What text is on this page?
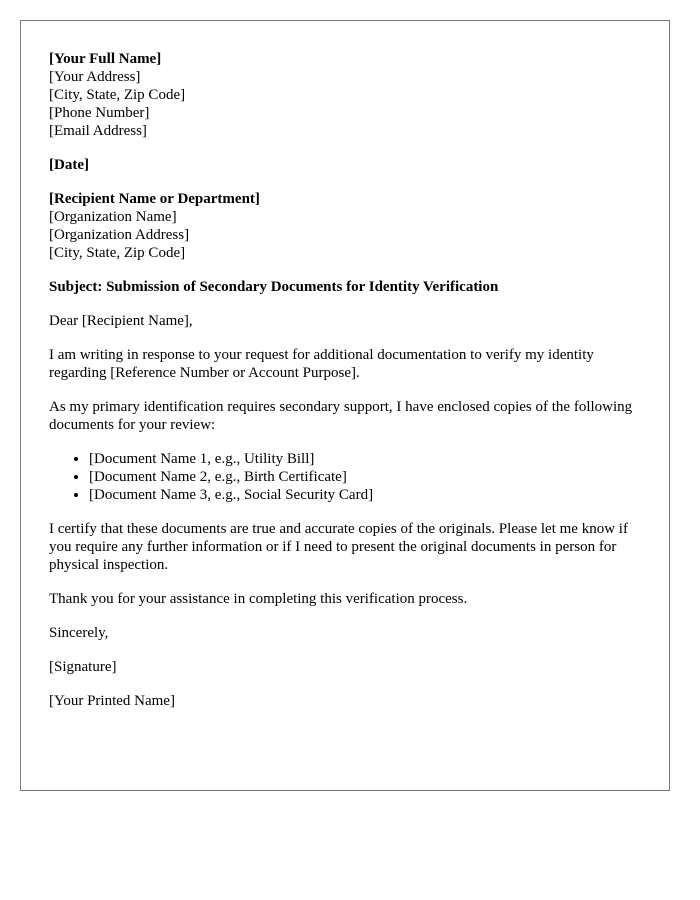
[Your Full Name]
[Your Address]
[City, State, Zip Code]
[Phone Number]
[Email Address]

[Date]

[Recipient Name or Department]
[Organization Name]
[Organization Address]
[City, State, Zip Code]

Subject: Submission of Secondary Documents for Identity Verification

Dear [Recipient Name],

I am writing in response to your request for additional documentation to verify my identity regarding [Reference Number or Account Purpose].

As my primary identification requires secondary support, I have enclosed copies of the following documents for your review:

• [Document Name 1, e.g., Utility Bill]
• [Document Name 2, e.g., Birth Certificate]
• [Document Name 3, e.g., Social Security Card]

I certify that these documents are true and accurate copies of the originals. Please let me know if you require any further information or if I need to present the original documents in person for physical inspection.

Thank you for your assistance in completing this verification process.

Sincerely,

[Signature]

[Your Printed Name]
